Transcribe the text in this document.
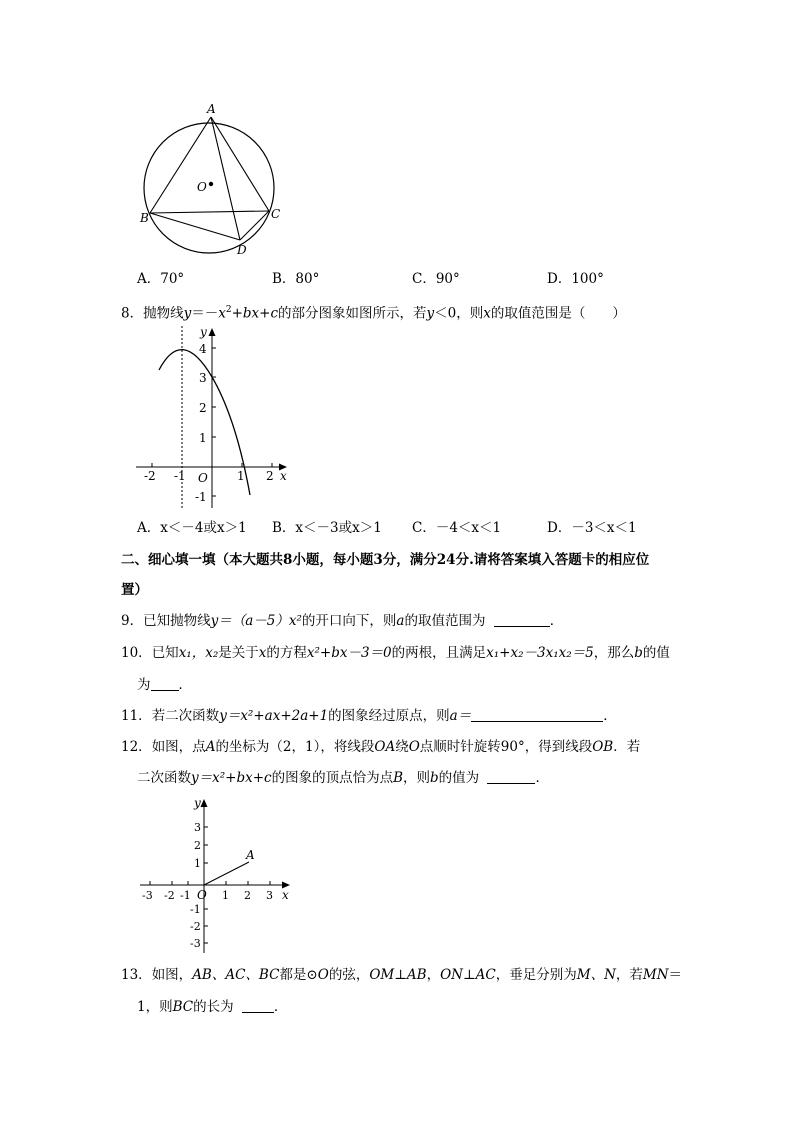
A
O
B	C
D
A．70°	B．80°	C．90°	D．100°
8．抛物线$y=-x^2+bx+c$的部分图象如图所示，若y＜0，则x的取值范围是（　　）
y
x
O
4
3
2
1
-1
-2 -1	1 2
A．x＜－4或x＞1 B．x＜－3或x＞1 C．－4＜x＜1	D．－3＜x＜1
二、细心填一填（本大题共8小题，每小题3分，满分24分.请将答案填入答题卡的相应位
置）
9．已知抛物线y＝（a－5）x²的开口向下，则a的取值范围为	．
10．已知x₁，x₂是关于x的方程x²+bx－3＝0的两根，且满足x₁+x₂－3x₁x₂＝5，那么b的值
为 ．
11．若二次函数y＝x²+ax+2a+1的图象经过原点，则a＝	．
12．如图，点A的坐标为（2，1），将线段OA绕O点顺时针旋转90°，得到线段OB．若
二次函数y＝x²+bx+c的图象的顶点恰为点B，则b的值为	．
y
x
O
A
3
2
1
-1
-2
-3
-3 -2 -1	1 2 3
13．如图，AB、AC、BC都是⊙O的弦，OM⊥AB，ON⊥AC，垂足分别为M、N，若MN＝
1，则BC的长为	．
